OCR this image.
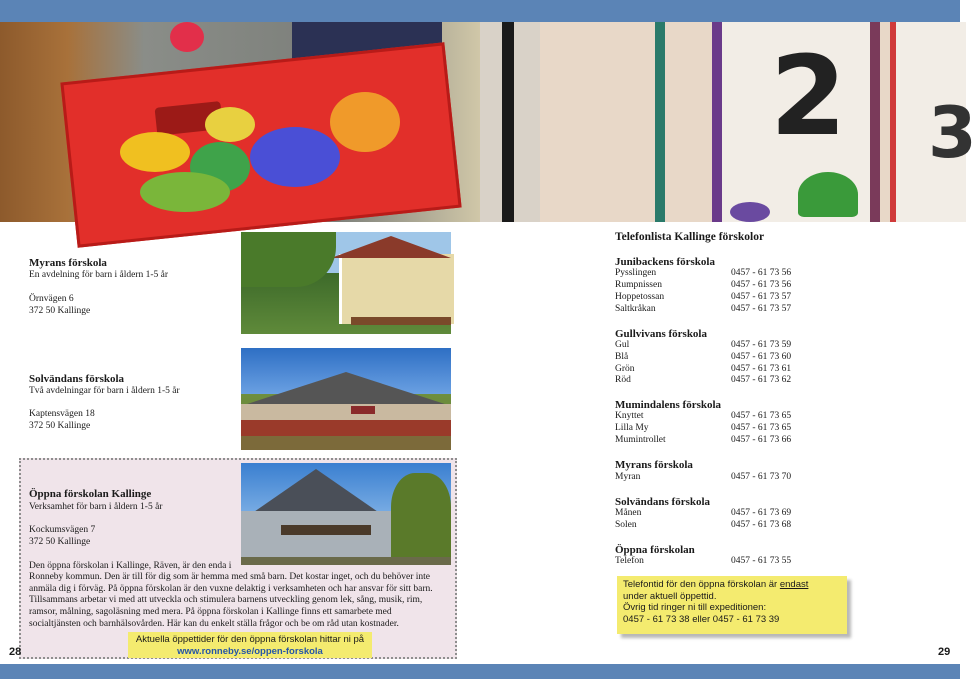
2 3
Myrans förskola
En avdelning för barn i åldern 1-5 år
Örnvägen 6
372 50 Kallinge
Solvändans förskola
Två avdelningar för barn i åldern 1-5 år
Kaptensvägen 18
372 50 Kallinge
Öppna förskolan Kallinge
Verksamhet för barn i åldern 1-5 år
Kockumsvägen 7
372 50 Kallinge
Den öppna förskolan i Kallinge, Räven, är den enda i
Ronneby kommun. Den är till för dig som är hemma med små barn. Det kostar inget, och du behöver inte
anmäla dig i förväg. På öppna förskolan är den vuxne delaktig i verksamheten och har ansvar för sitt barn.
Tillsammans arbetar vi med att utveckla och stimulera barnens utveckling genom lek, sång, musik, rim,
ramsor, målning, sagoläsning med mera. På öppna förskolan i Kallinge finns ett samarbete med
socialtjänsten och barnhälsovården. Här kan du enkelt ställa frågor och be om råd utan kostnader.
Aktuella öppettider för den öppna förskolan hittar ni på
www.ronneby.se/oppen-forskola
28
Telefonlista Kallinge förskolor
Junibackens förskola
Pysslingen	0457 - 61 73 56
Rumpnissen	0457 - 61 73 56
Hoppetossan	0457 - 61 73 57
Saltkråkan	0457 - 61 73 57
Gullvivans förskola
Gul	0457 - 61 73 59
Blå	0457 - 61 73 60
Grön	0457 - 61 73 61
Röd	0457 - 61 73 62
Mumindalens förskola
Knyttet	0457 - 61 73 65
Lilla My	0457 - 61 73 65
Mumintrollet	0457 - 61 73 66
Myrans förskola
Myran	0457 - 61 73 70
Solvändans förskola
Månen	0457 - 61 73 69
Solen	0457 - 61 73 68
Öppna förskolan
Telefon	0457 - 61 73 55
Telefontid för den öppna förskolan är endast
under aktuell öppettid.
Övrig tid ringer ni till expeditionen:
0457 - 61 73 38 eller 0457 - 61 73 39
29
